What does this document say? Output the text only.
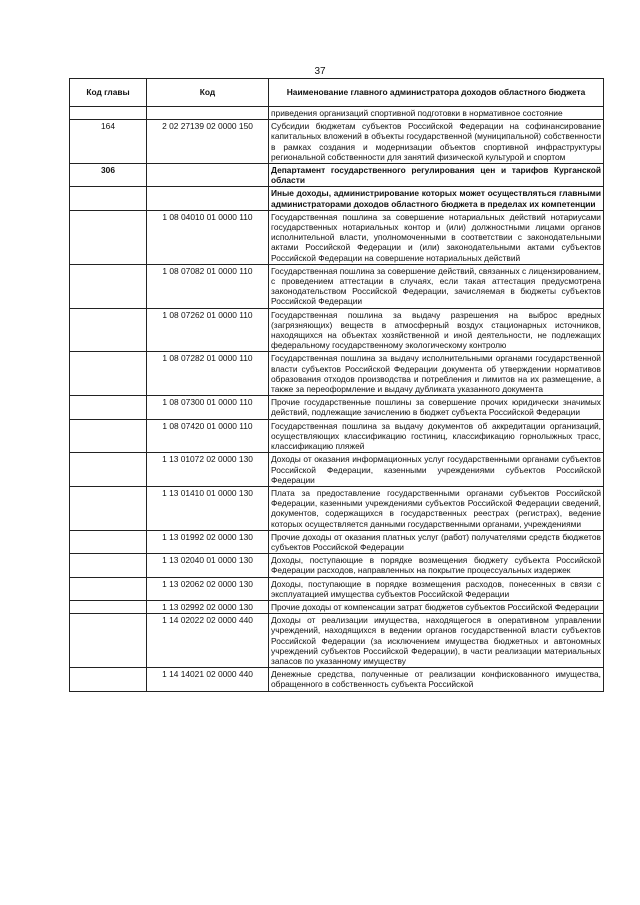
37
Код главы	Код	Наименование главного администратора доходов областного бюджета
		приведения организаций спортивной подготовки в нормативное состояние
164	2 02 27139 02 0000 150	Субсидии бюджетам субъектов Российской Федерации на софинансирование капитальных вложений в объекты государственной (муниципальной) собственности в рамках создания и модернизации объектов спортивной инфраструктуры региональной собственности для занятий физической культурой и спортом
306		Департамент государственного регулирования цен и тарифов Курганской области
		Иные доходы, администрирование которых может осуществляться главными администраторами доходов областного бюджета в пределах их компетенции
	1 08 04010 01 0000 110	Государственная пошлина за совершение нотариальных действий нотариусами государственных нотариальных контор и (или) должностными лицами органов исполнительной власти, уполномоченными в соответствии с законодательными актами Российской Федерации и (или) законодательными актами субъектов Российской Федерации на совершение нотариальных действий
	1 08 07082 01 0000 110	Государственная пошлина за совершение действий, связанных с лицензированием, с проведением аттестации в случаях, если такая аттестация предусмотрена законодательством Российской Федерации, зачисляемая в бюджеты субъектов Российской Федерации
	1 08 07262 01 0000 110	Государственная пошлина за выдачу разрешения на выброс вредных (загрязняющих) веществ в атмосферный воздух стационарных источников, находящихся на объектах хозяйственной и иной деятельности, не подлежащих федеральному государственному экологическому контролю
	1 08 07282 01 0000 110	Государственная пошлина за выдачу исполнительными органами государственной власти субъектов Российской Федерации документа об утверждении нормативов образования отходов производства и потребления и лимитов на их размещение, а также за переоформление и выдачу дубликата указанного документа
	1 08 07300 01 0000 110	Прочие государственные пошлины за совершение прочих юридически значимых действий, подлежащие зачислению в бюджет субъекта Российской Федерации
	1 08 07420 01 0000 110	Государственная пошлина за выдачу документов об аккредитации организаций, осуществляющих классификацию гостиниц, классификацию горнолыжных трасс, классификацию пляжей
	1 13 01072 02 0000 130	Доходы от оказания информационных услуг государственными органами субъектов Российской Федерации, казенными учреждениями субъектов Российской Федерации
	1 13 01410 01 0000 130	Плата за предоставление государственными органами субъектов Российской Федерации, казенными учреждениями субъектов Российской Федерации сведений, документов, содержащихся в государственных реестрах (регистрах), ведение которых осуществляется данными государственными органами, учреждениями
	1 13 01992 02 0000 130	Прочие доходы от оказания платных услуг (работ) получателями средств бюджетов субъектов Российской Федерации
	1 13 02040 01 0000 130	Доходы, поступающие в порядке возмещения бюджету субъекта Российской Федерации расходов, направленных на покрытие процессуальных издержек
	1 13 02062 02 0000 130	Доходы, поступающие в порядке возмещения расходов, понесенных в связи с эксплуатацией имущества субъектов Российской Федерации
	1 13 02992 02 0000 130	Прочие доходы от компенсации затрат бюджетов субъектов Российской Федерации
	1 14 02022 02 0000 440	Доходы от реализации имущества, находящегося в оперативном управлении учреждений, находящихся в ведении органов государственной власти субъектов Российской Федерации (за исключением имущества бюджетных и автономных учреждений субъектов Российской Федерации), в части реализации материальных запасов по указанному имуществу
	1 14 14021 02 0000 440	Денежные средства, полученные от реализации конфискованного имущества, обращенного в собственность субъекта Российской
